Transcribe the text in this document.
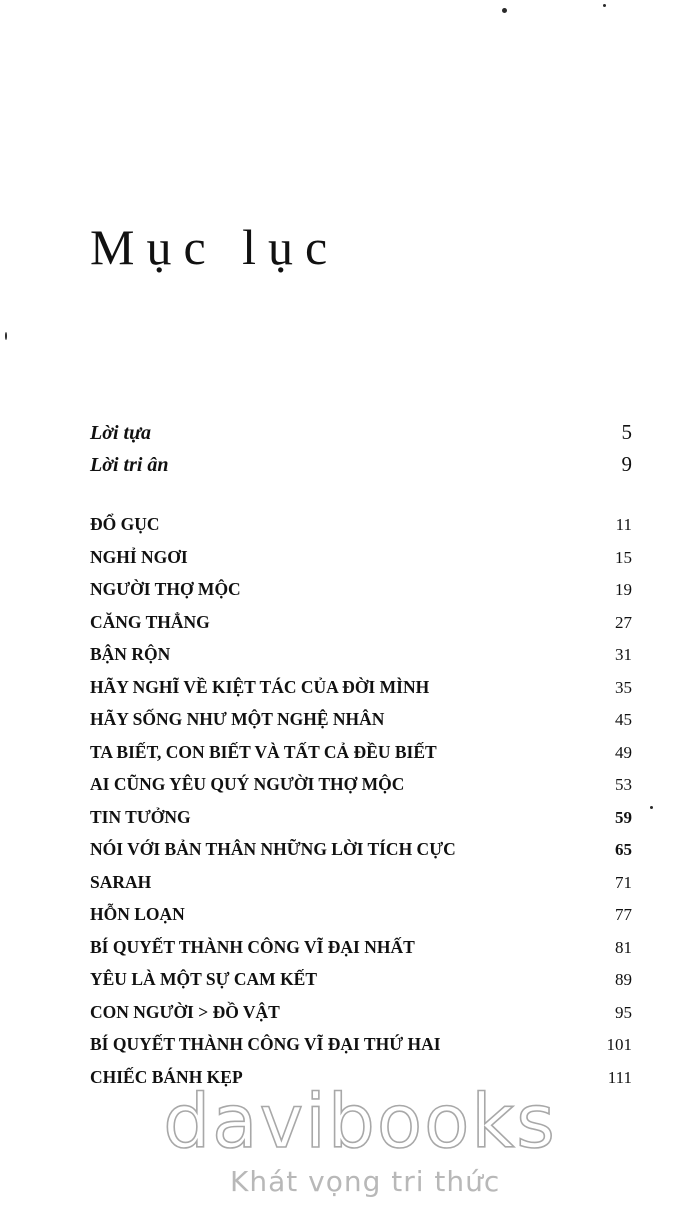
Mục lục
Lời tựa	5
Lời tri ân	9
ĐỔ GỤC	11
NGHỈ NGƠI	15
NGƯỜI THỢ MỘC	19
CĂNG THẲNG	27
BẬN RỘN	31
HÃY NGHĨ VỀ KIỆT TÁC CỦA ĐỜI MÌNH	35
HÃY SỐNG NHƯ MỘT NGHỆ NHÂN	45
TA BIẾT, CON BIẾT VÀ TẤT CẢ ĐỀU BIẾT	49
AI CŨNG YÊU QUÝ NGƯỜI THỢ MỘC	53
TIN TƯỞNG	59
NÓI VỚI BẢN THÂN NHỮNG LỜI TÍCH CỰC	65
SARAH	71
HỖN LOẠN	77
BÍ QUYẾT THÀNH CÔNG VĨ ĐẠI NHẤT	81
YÊU LÀ MỘT SỰ CAM KẾT	89
CON NGƯỜI > ĐỒ VẬT	95
BÍ QUYẾT THÀNH CÔNG VĨ ĐẠI THỨ HAI	101
CHIẾC BÁNH KẸP	111
davibooks
Khát vọng tri thức
